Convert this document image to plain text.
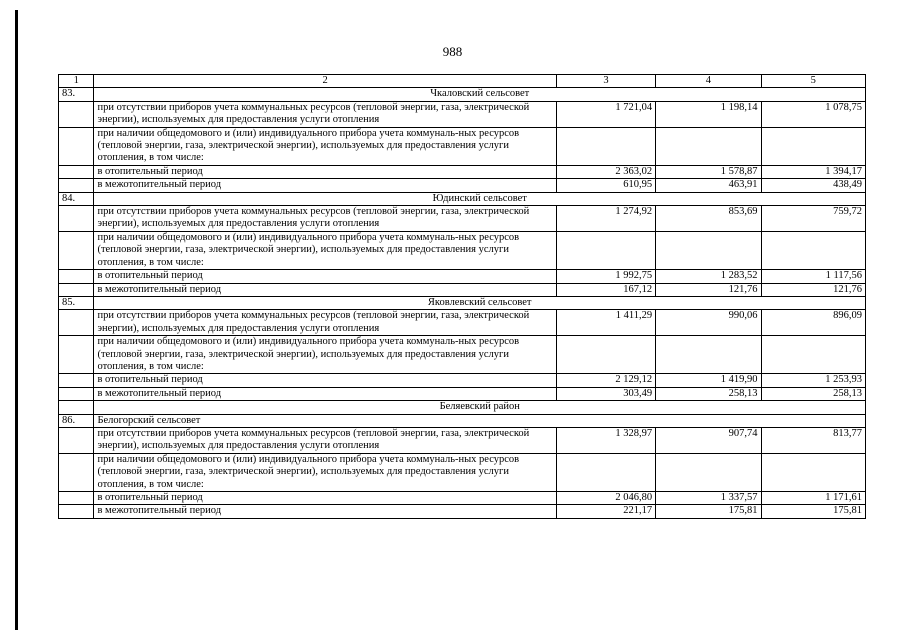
988
1	2	3	4	5
83.	Чкаловский сельсовет			
	при отсутствии приборов учета коммунальных ресурсов (тепловой энергии, газа, электрической энергии), используемых для предоставления услуги отопления	1 721,04	1 198,14	1 078,75
	при наличии общедомового и (или) индивидуального прибора учета коммуналь-ных ресурсов (тепловой энергии, газа, электрической энергии), используемых для предоставления услуги отопления, в том числе:			
	в отопительный период	2 363,02	1 578,87	1 394,17
	в межотопительный период	610,95	463,91	438,49
84.	Юдинский сельсовет			
	при отсутствии приборов учета коммунальных ресурсов (тепловой энергии, газа, электрической энергии), используемых для предоставления услуги отопления	1 274,92	853,69	759,72
	при наличии общедомового и (или) индивидуального прибора учета коммуналь-ных ресурсов (тепловой энергии, газа, электрической энергии), используемых для предоставления услуги отопления, в том числе:			
	в отопительный период	1 992,75	1 283,52	1 117,56
	в межотопительный период	167,12	121,76	121,76
85.	Яковлевский сельсовет			
	при отсутствии приборов учета коммунальных ресурсов (тепловой энергии, газа, электрической энергии), используемых для предоставления услуги отопления	1 411,29	990,06	896,09
	при наличии общедомового и (или) индивидуального прибора учета коммуналь-ных ресурсов (тепловой энергии, газа, электрической энергии), используемых для предоставления услуги отопления, в том числе:			
	в отопительный период	2 129,12	1 419,90	1 253,93
	в межотопительный период	303,49	258,13	258,13
	Беляевский район			
86.	Белогорский сельсовет			
	при отсутствии приборов учета коммунальных ресурсов (тепловой энергии, газа, электрической энергии), используемых для предоставления услуги отопления	1 328,97	907,74	813,77
	при наличии общедомового и (или) индивидуального прибора учета коммуналь-ных ресурсов (тепловой энергии, газа, электрической энергии), используемых для предоставления услуги отопления, в том числе:			
	в отопительный период	2 046,80	1 337,57	1 171,61
	в межотопительный период	221,17	175,81	175,81
